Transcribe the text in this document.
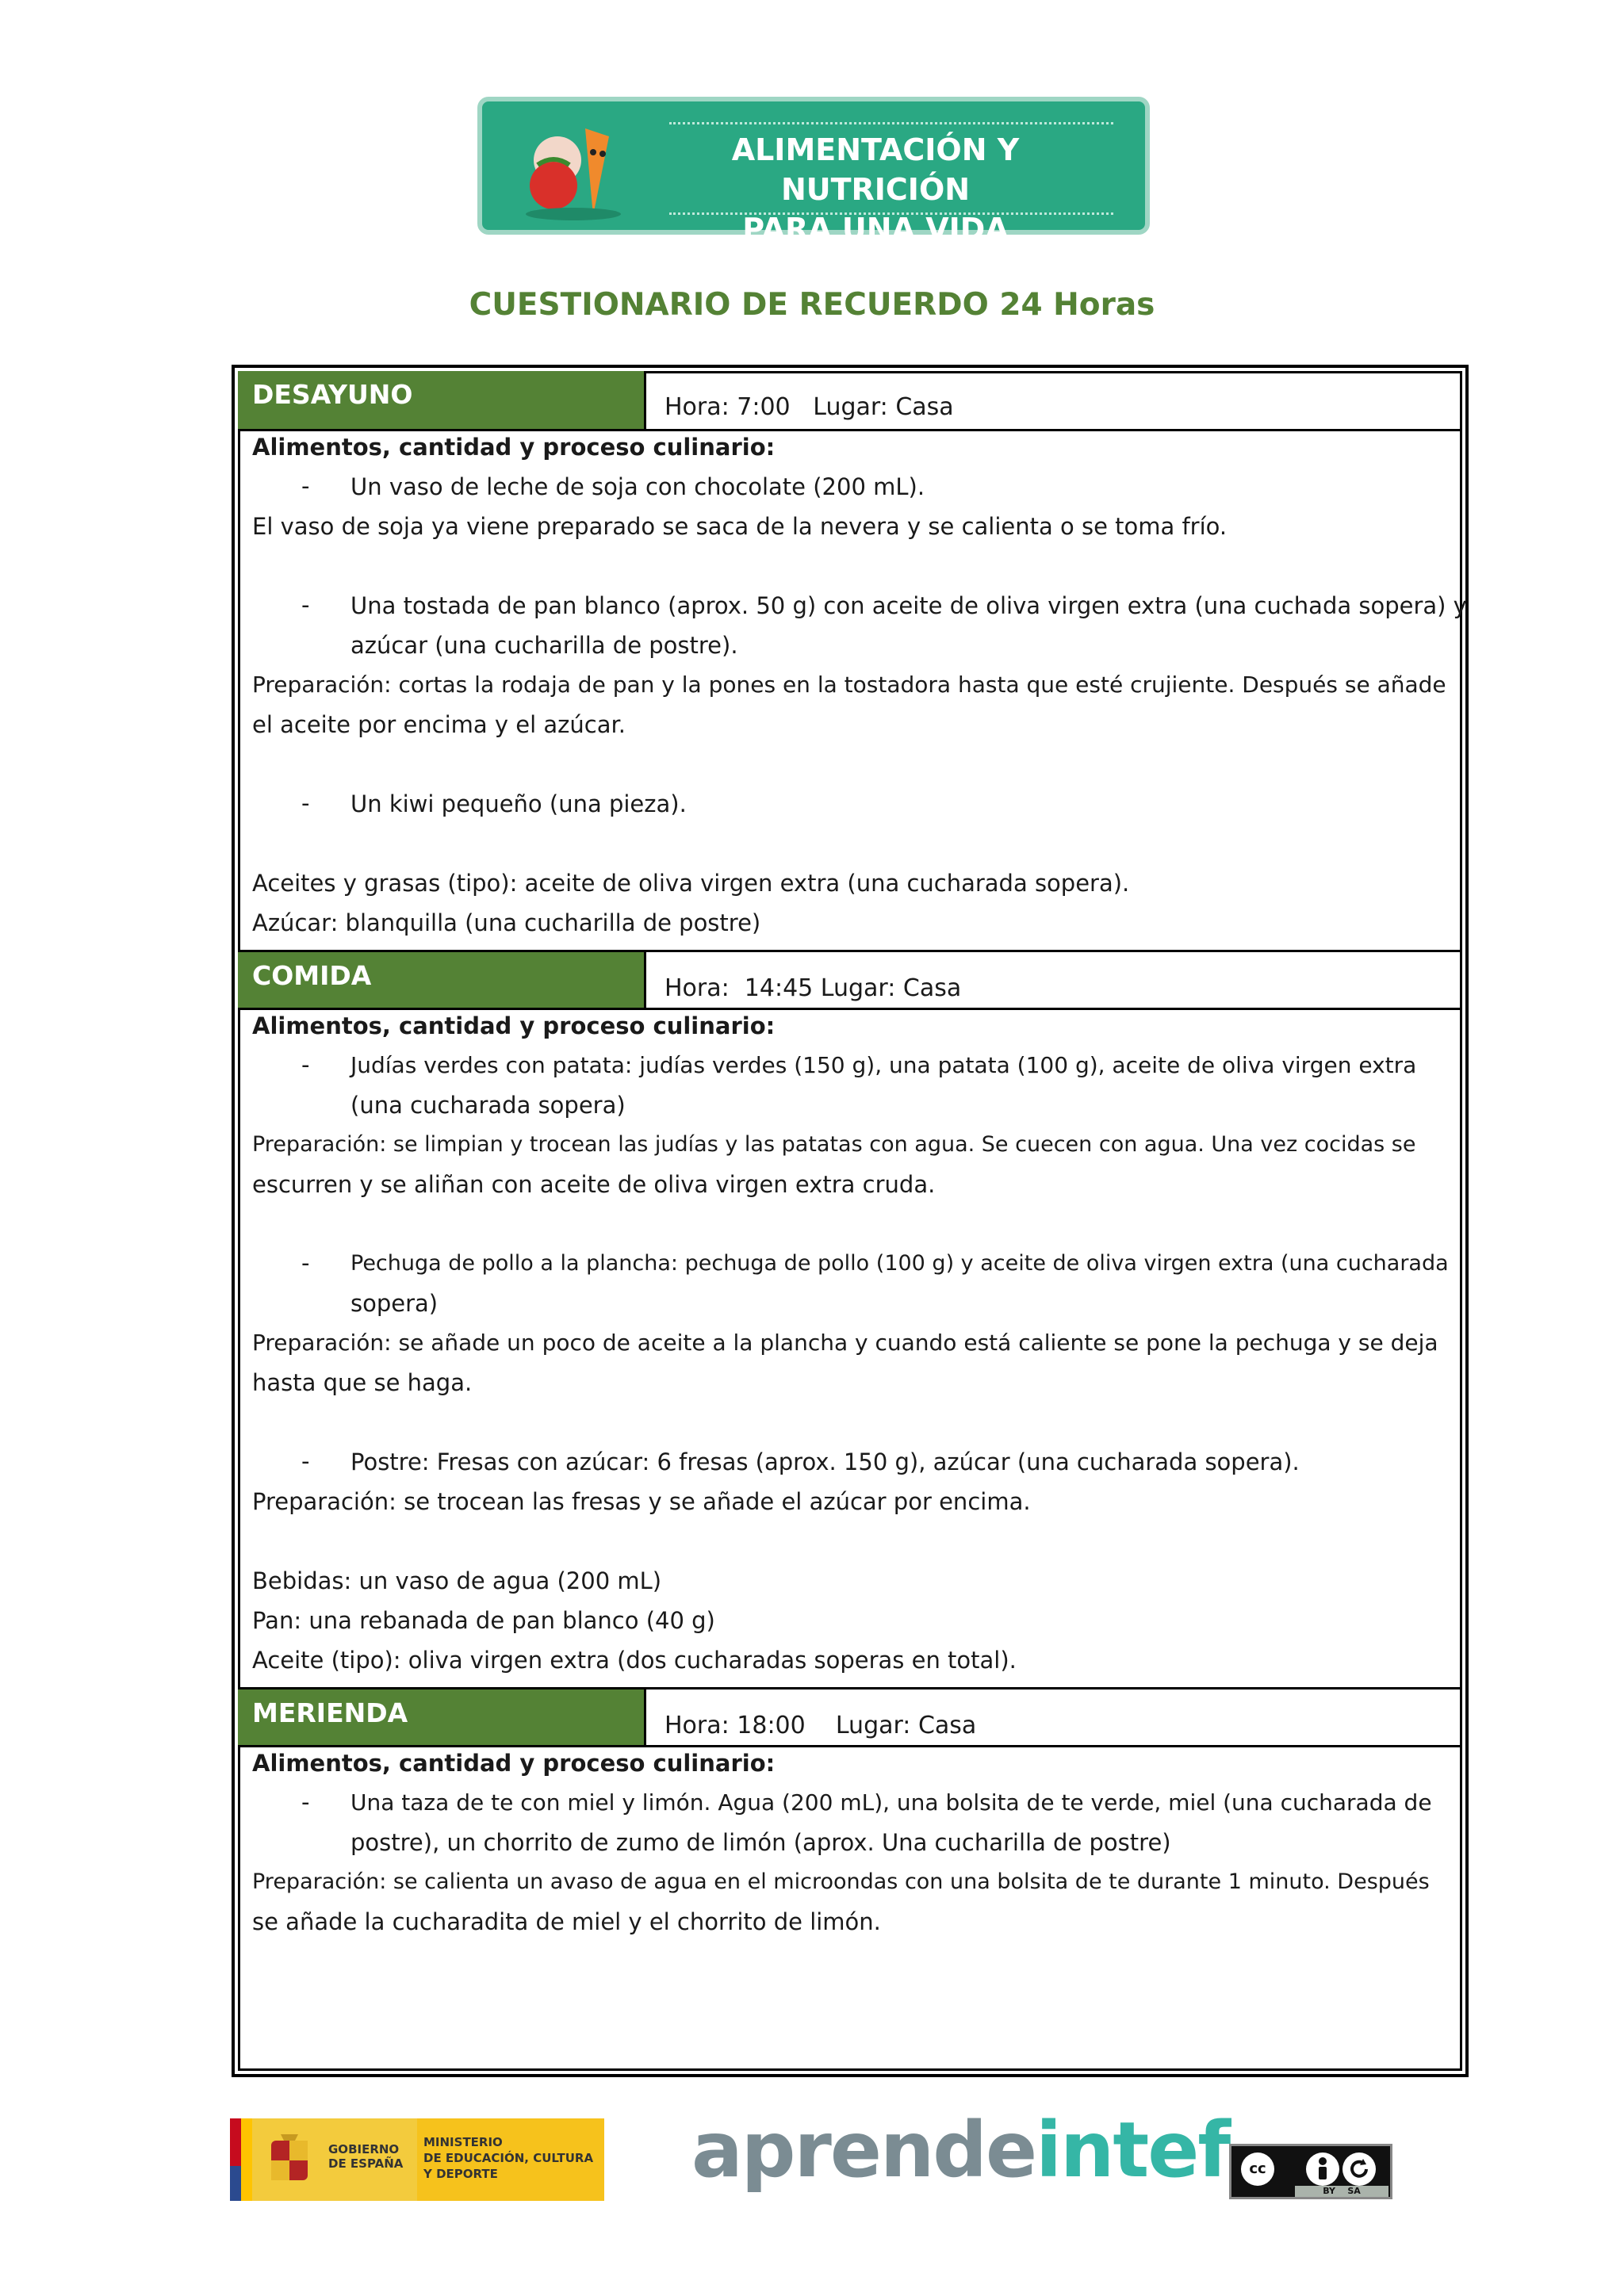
ALIMENTACIÓN Y NUTRICIÓN
PARA UNA VIDA SALUDABLE
CUESTIONARIO DE RECUERDO 24 Horas
DESAYUNO	Hora: 7:00   Lugar: Casa
Alimentos, cantidad y proceso culinario:
- Un vaso de leche de soja con chocolate (200 mL).
El vaso de soja ya viene preparado se saca de la nevera y se calienta o se toma frío.
- Una tostada de pan blanco (aprox. 50 g) con aceite de oliva virgen extra (una cuchada sopera) y
azúcar (una cucharilla de postre).
Preparación: cortas la rodaja de pan y la pones en la tostadora hasta que esté crujiente. Después se añade
el aceite por encima y el azúcar.
- Un kiwi pequeño (una pieza).
Aceites y grasas (tipo): aceite de oliva virgen extra (una cucharada sopera).
Azúcar: blanquilla (una cucharilla de postre)
COMIDA	Hora:  14:45 Lugar: Casa
Alimentos, cantidad y proceso culinario:
- Judías verdes con patata: judías verdes (150 g), una patata (100 g), aceite de oliva virgen extra
(una cucharada sopera)
Preparación: se limpian y trocean las judías y las patatas con agua. Se cuecen con agua. Una vez cocidas se
escurren y se aliñan con aceite de oliva virgen extra cruda.
- Pechuga de pollo a la plancha: pechuga de pollo (100 g) y aceite de oliva virgen extra (una cucharada
sopera)
Preparación: se añade un poco de aceite a la plancha y cuando está caliente se pone la pechuga y se deja
hasta que se haga.
- Postre: Fresas con azúcar: 6 fresas (aprox. 150 g), azúcar (una cucharada sopera).
Preparación: se trocean las fresas y se añade el azúcar por encima.
Bebidas: un vaso de agua (200 mL)
Pan: una rebanada de pan blanco (40 g)
Aceite (tipo): oliva virgen extra (dos cucharadas soperas en total).
MERIENDA	Hora: 18:00    Lugar: Casa
Alimentos, cantidad y proceso culinario:
- Una taza de te con miel y limón. Agua (200 mL), una bolsita de te verde, miel (una cucharada de
postre), un chorrito de zumo de limón (aprox. Una cucharilla de postre)
Preparación: se calienta un avaso de agua en el microondas con una bolsita de te durante 1 minuto. Después
se añade la cucharadita de miel y el chorrito de limón.
GOBIERNO
DE ESPAÑA
MINISTERIO
DE EDUCACIÓN, CULTURA
Y DEPORTE	aprendeintef	cc
BY SA
